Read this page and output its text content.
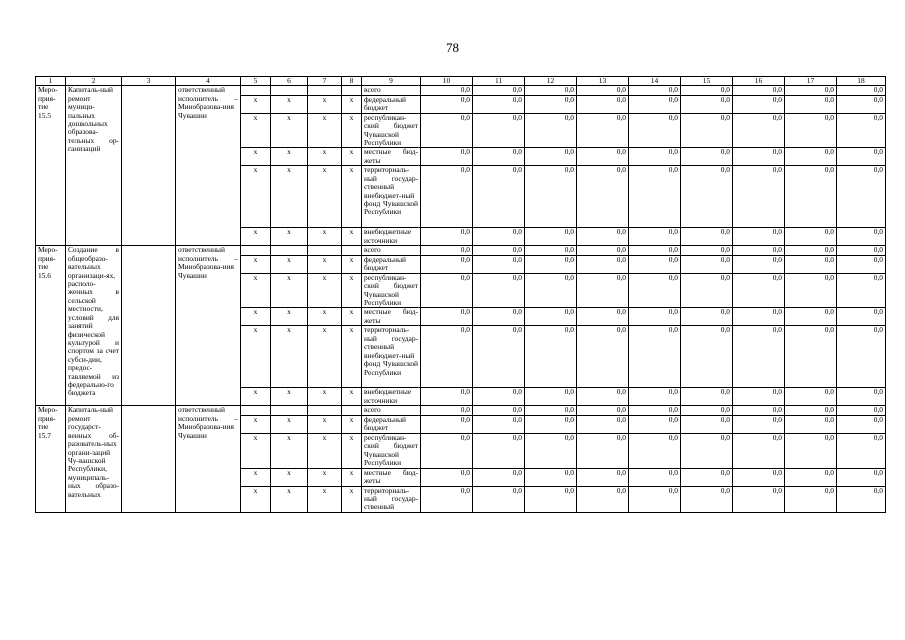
78
1	2	3	4	5	6	7	8	9	10	11	12	13	14	15	16	17	18
Меро-прия-тие 15.5	Капиталь-ный ремонт муници-пальных дошкольных образова-тельных ор-ганизаций		ответственный исполнитель – Минобразова-ния Чувашии					всего	0,0	0,0	0,0	0,0	0,0	0,0	0,0	0,0	0,0
				x	x	x	x	федеральный бюджет	0,0	0,0	0,0	0,0	0,0	0,0	0,0	0,0	0,0
				x	x	x	x	республикан-ский бюджет Чувашской Республики	0,0	0,0	0,0	0,0	0,0	0,0	0,0	0,0	0,0
				x	x	x	x	местные бюд-жеты	0,0	0,0	0,0	0,0	0,0	0,0	0,0	0,0	0,0
				x	x	x	x	территориаль-ный государ-ственный внебюджет-ный фонд Чувашской Республики	0,0	0,0	0,0	0,0	0,0	0,0	0,0	0,0	0,0
				x	x	x	x	внебюджетные источники	0,0	0,0	0,0	0,0	0,0	0,0	0,0	0,0	0,0
Меро-прия-тие 15.6	Создание в общеобразо-вательных организаци-ях, располо-женных в сельской местности, условий для занятий физической культурой и спортом за счет субси-дии, предос-тавляемой из федерально-го бюджета		ответственный исполнитель – Минобразова-ния Чувашии					всего	0,0	0,0	0,0	0,0	0,0	0,0	0,0	0,0	0,0
				x	x	x	x	федеральный бюджет	0,0	0,0	0,0	0,0	0,0	0,0	0,0	0,0	0,0
				x	x	x	x	республикан-ский бюджет Чувашской Республики	0,0	0,0	0,0	0,0	0,0	0,0	0,0	0,0	0,0
				x	x	x	x	местные бюд-жеты	0,0	0,0	0,0	0,0	0,0	0,0	0,0	0,0	0,0
				x	x	x	x	территориаль-ный государ-ственный внебюджет-ный фонд Чувашской Республики	0,0	0,0	0,0	0,0	0,0	0,0	0,0	0,0	0,0
				x	x	x	x	внебюджетные источники	0,0	0,0	0,0	0,0	0,0	0,0	0,0	0,0	0,0
Меро-прия-тие 15.7	Капиталь-ный ремонт государст-венных об-разователь-ных органи-заций Чу-вашской Республики, муниципаль-ных образо-вательных		ответственный исполнитель – Минобразова-ния Чувашии					всего	0,0	0,0	0,0	0,0	0,0	0,0	0,0	0,0	0,0
				x	x	x	x	федеральный бюджет	0,0	0,0	0,0	0,0	0,0	0,0	0,0	0,0	0,0
				x	x	x	x	республикан-ский бюджет Чувашской Республики	0,0	0,0	0,0	0,0	0,0	0,0	0,0	0,0	0,0
				x	x	x	x	местные бюд-жеты	0,0	0,0	0,0	0,0	0,0	0,0	0,0	0,0	0,0
				x	x	x	x	территориаль-ный государ-ственный	0,0	0,0	0,0	0,0	0,0	0,0	0,0	0,0	0,0
